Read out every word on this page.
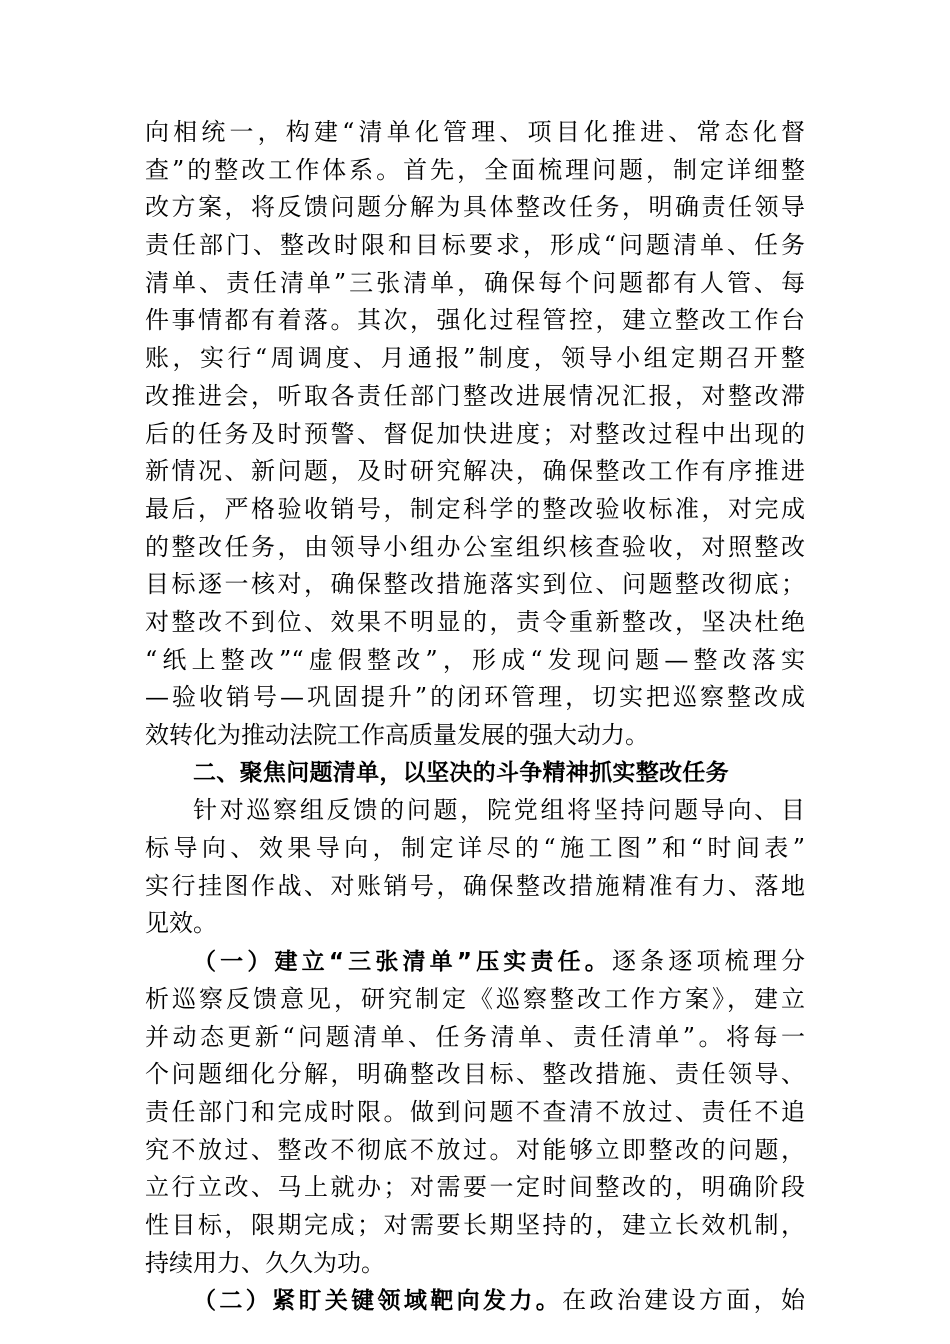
向相统一，构建“清单化管理、项目化推进、常态化督
查”的整改工作体系。首先，全面梳理问题，制定详细整
改方案，将反馈问题分解为具体整改任务，明确责任领导
责任部门、整改时限和目标要求，形成“问题清单、任务
清单、责任清单”三张清单，确保每个问题都有人管、每
件事情都有着落。其次，强化过程管控，建立整改工作台
账，实行“周调度、月通报”制度，领导小组定期召开整
改推进会，听取各责任部门整改进展情况汇报，对整改滞
后的任务及时预警、督促加快进度；对整改过程中出现的
新情况、新问题，及时研究解决，确保整改工作有序推进
最后，严格验收销号，制定科学的整改验收标准，对完成
的整改任务，由领导小组办公室组织核查验收，对照整改
目标逐一核对，确保整改措施落实到位、问题整改彻底；
对整改不到位、效果不明显的，责令重新整改，坚决杜绝
“纸上整改”“虚假整改”，形成“发现问题—整改落实
—验收销号—巩固提升”的闭环管理，切实把巡察整改成
效转化为推动法院工作高质量发展的强大动力。
二、聚焦问题清单，以坚决的斗争精神抓实整改任务
针对巡察组反馈的问题，院党组将坚持问题导向、目
标导向、效果导向，制定详尽的“施工图”和“时间表”
实行挂图作战、对账销号，确保整改措施精准有力、落地
见效。
（一）建立“三张清单”压实责任。逐条逐项梳理分
析巡察反馈意见，研究制定《巡察整改工作方案》，建立
并动态更新“问题清单、任务清单、责任清单”。将每一
个问题细化分解，明确整改目标、整改措施、责任领导、
责任部门和完成时限。做到问题不查清不放过、责任不追
究不放过、整改不彻底不放过。对能够立即整改的问题，
立行立改、马上就办；对需要一定时间整改的，明确阶段
性目标，限期完成；对需要长期坚持的，建立长效机制，
持续用力、久久为功。
（二）紧盯关键领域靶向发力。在政治建设方面，始
